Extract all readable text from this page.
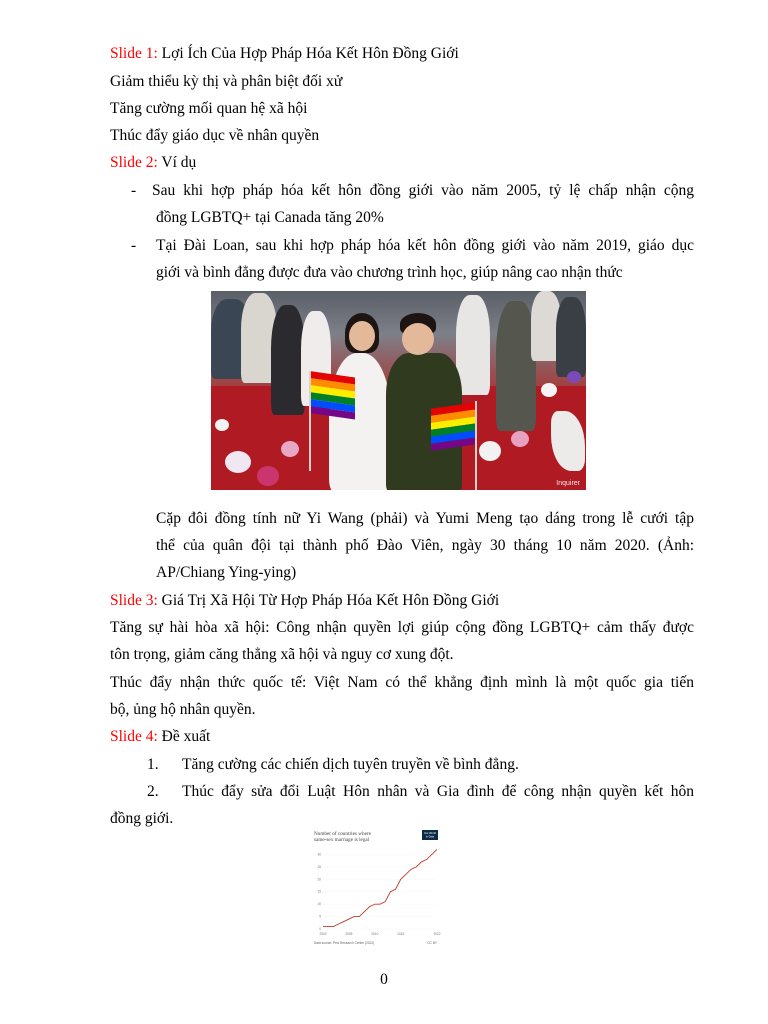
Slide 1: Lợi Ích Của Hợp Pháp Hóa Kết Hôn Đồng Giới
Giảm thiểu kỳ thị và phân biệt đối xử
Tăng cường mối quan hệ xã hội
Thúc đẩy giáo dục về nhân quyền
Slide 2: Ví dụ
- Sau khi hợp pháp hóa kết hôn đồng giới vào năm 2005, tỷ lệ chấp nhận cộng
đồng LGBTQ+ tại Canada tăng 20%
- Tại Đài Loan, sau khi hợp pháp hóa kết hôn đồng giới vào năm 2019, giáo dục
giới và bình đẳng được đưa vào chương trình học, giúp nâng cao nhận thức
Inquirer
Cặp đôi đồng tính nữ Yi Wang (phải) và Yumi Meng tạo dáng trong lễ cưới tập
thể của quân đội tại thành phố Đào Viên, ngày 30 tháng 10 năm 2020. (Ảnh:
AP/Chiang Ying-ying)
Slide 3: Giá Trị Xã Hội Từ Hợp Pháp Hóa Kết Hôn Đồng Giới
Tăng sự hài hòa xã hội: Công nhận quyền lợi giúp cộng đồng LGBTQ+ cảm thấy được
tôn trọng, giảm căng thẳng xã hội và nguy cơ xung đột.
Thúc đẩy nhận thức quốc tế: Việt Nam có thể khẳng định mình là một quốc gia tiến
bộ, ủng hộ nhân quyền.
Slide 4: Đề xuất
1. Tăng cường các chiến dịch tuyên truyền về bình đẳng.
2. Thúc đẩy sửa đổi Luật Hôn nhân và Gia đình để công nhận quyền kết hôn
đồng giới.
Number of countries where
same-sex marriage is legal
Our World
in Data
0
5
10
15
20
25
30
2000	2005	2010	2015	2022
Data source: Pew Research Center (2022)	CC BY
0
